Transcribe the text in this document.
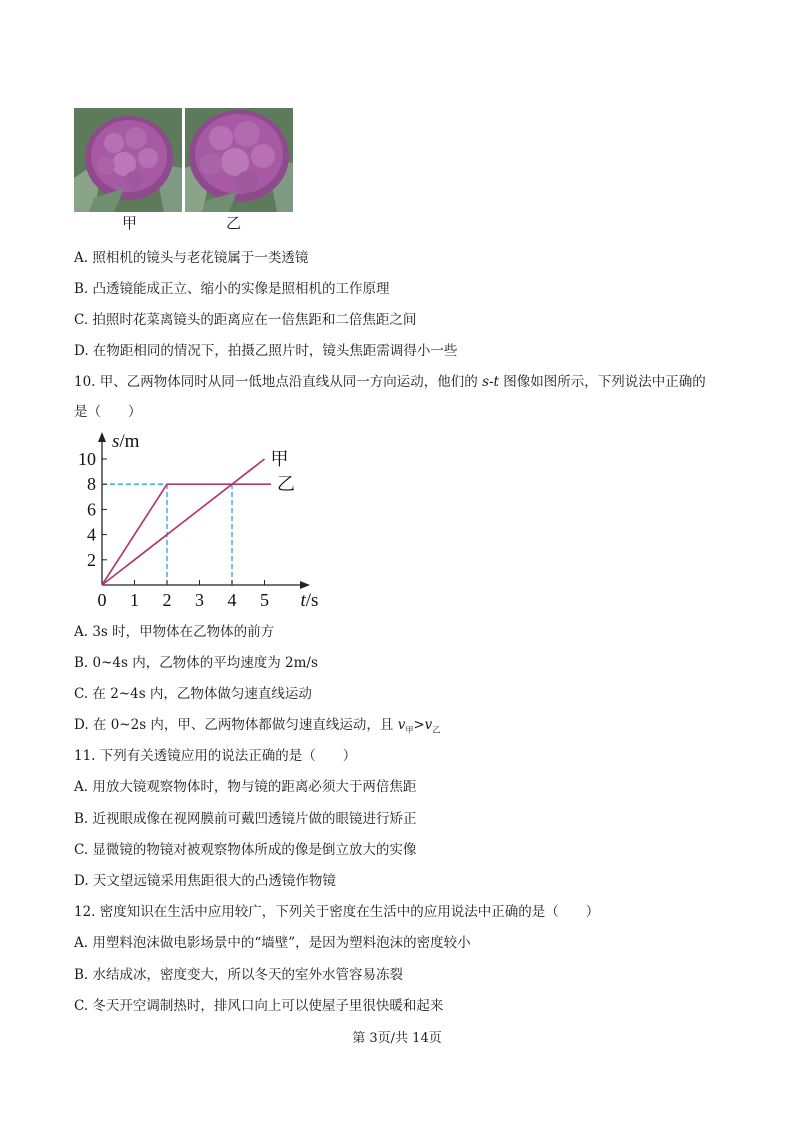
甲	乙
A. 照相机的镜头与老花镜属于一类透镜
B. 凸透镜能成正立、缩小的实像是照相机的工作原理
C. 拍照时花菜离镜头的距离应在一倍焦距和二倍焦距之间
D. 在物距相同的情况下，拍摄乙照片时，镜头焦距需调得小一些
10. 甲、乙两物体同时从同一低地点沿直线从同一方向运动，他们的 s-t 图像如图所示，下列说法中正确的
是（　　）
0 1 2 3 4 5
2
4
6
8
10	甲
乙
s/m
t/s
A. 3s 时，甲物体在乙物体的前方
B. 0~4s 内，乙物体的平均速度为 2m/s
C. 在 2~4s 内，乙物体做匀速直线运动
D. 在 0~2s 内，甲、乙两物体都做匀速直线运动，且 $v_甲>v_乙$
11. 下列有关透镜应用的说法正确的是（　　）
A. 用放大镜观察物体时，物与镜的距离必须大于两倍焦距
B. 近视眼成像在视网膜前可戴凹透镜片做的眼镜进行矫正
C. 显微镜的物镜对被观察物体所成的像是倒立放大的实像
D. 天文望远镜采用焦距很大的凸透镜作物镜
12. 密度知识在生活中应用较广，下列关于密度在生活中的应用说法中正确的是（　　）
A. 用塑料泡沫做电影场景中的“墙壁”，是因为塑料泡沫的密度较小
B. 水结成冰，密度变大，所以冬天的室外水管容易冻裂
C. 冬天开空调制热时，排风口向上可以使屋子里很快暖和起来
第 3页/共 14页
